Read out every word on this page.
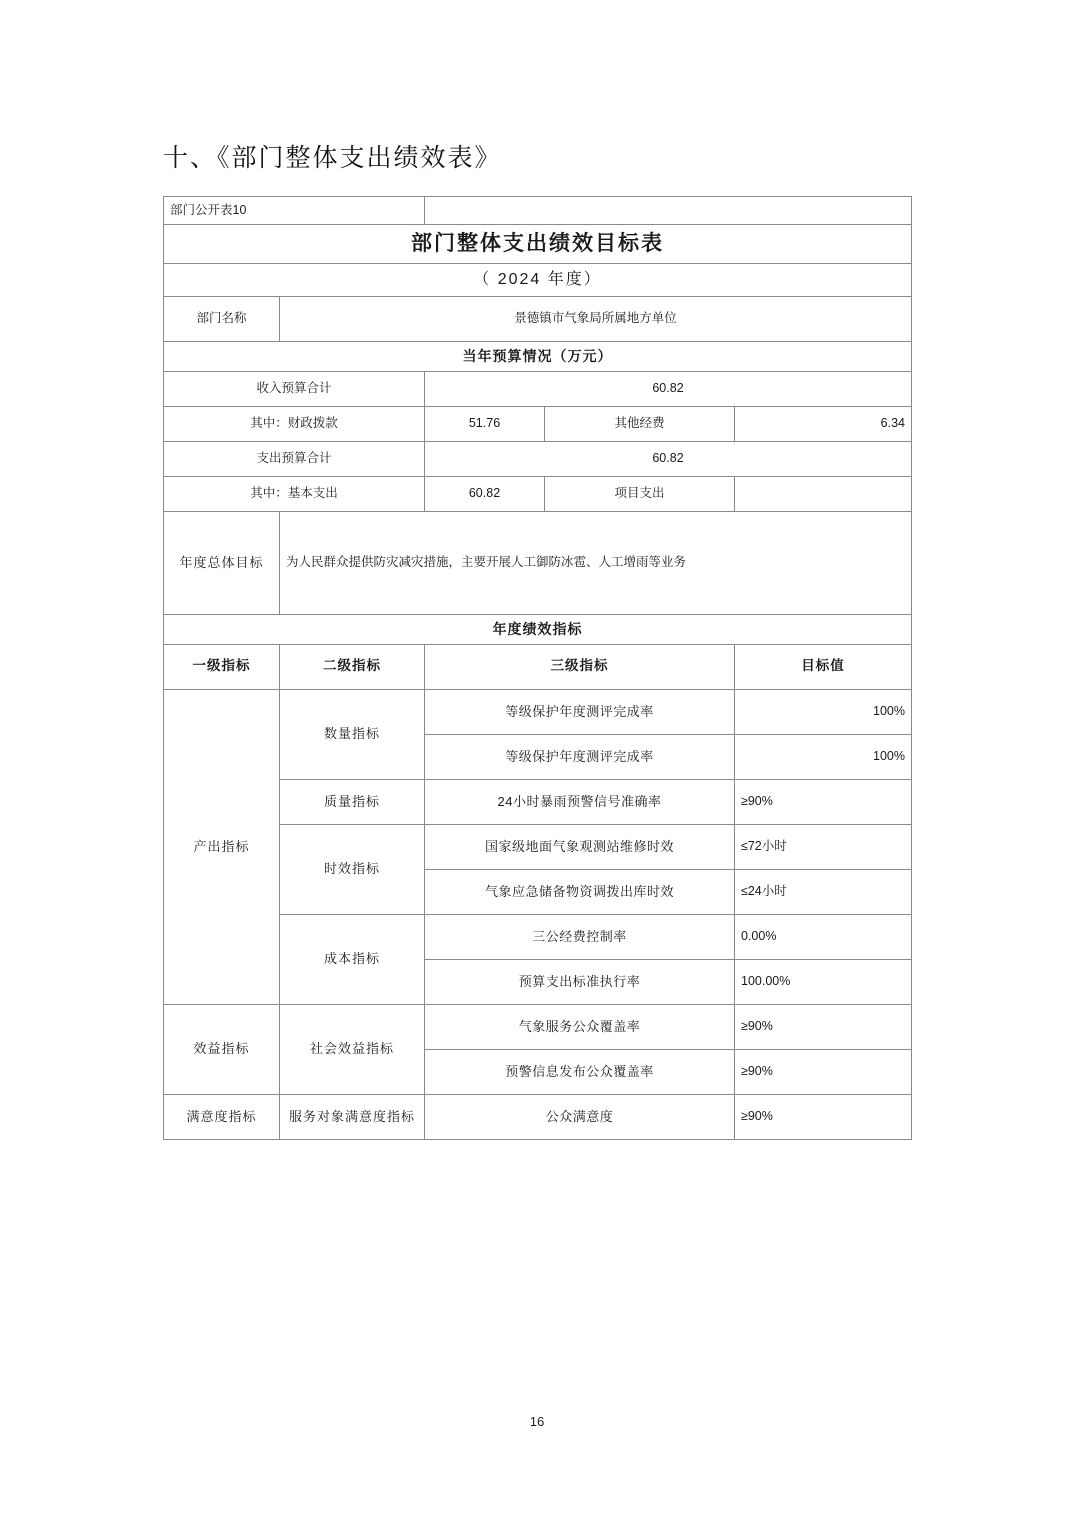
十、《部门整体支出绩效表》
部门公开表10				
部门整体支出绩效目标表				
（ 2024 年度）				
部门名称	景德镇市气象局所属地方单位			
当年预算情况（万元）				
收入预算合计		60.82		
其中：财政拨款		51.76	其他经费	6.34
支出预算合计		60.82		
其中：基本支出		60.82	项目支出	
年度总体目标	为人民群众提供防灾减灾措施，主要开展人工御防冰雹、人工增雨等业务			
年度绩效指标				
一级指标	二级指标	三级指标		目标值
产出指标	数量指标	等级保护年度测评完成率		100%
		等级保护年度测评完成率		100%
	质量指标	24小时暴雨预警信号准确率		≥90%
	时效指标	国家级地面气象观测站维修时效		≤72小时
		气象应急储备物资调拨出库时效		≤24小时
	成本指标	三公经费控制率		0.00%
		预算支出标准执行率		100.00%
效益指标	社会效益指标	气象服务公众覆盖率		≥90%
		预警信息发布公众覆盖率		≥90%
满意度指标	服务对象满意度指标	公众满意度		≥90%
16
